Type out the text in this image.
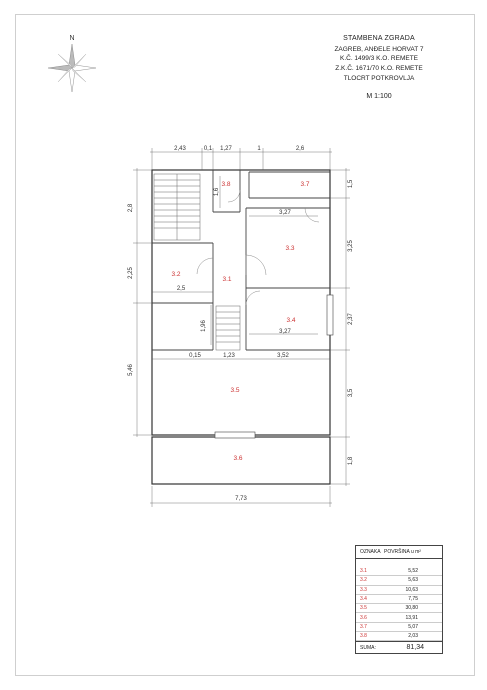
STAMBENA ZGRADA
ZAGREB, ANĐELE HORVAT 7
K.Č. 1499/3 K.O. REMETE
Z.K.Č. 1671/70 K.O. REMETE
TLOCRT POTKROVLJA
M 1:100
N
2,43	0,1 1,27	1	2,6
2,8
2,25
5,46
1,5
3,25
2,37
3,5
1,8
7,73
1,6
3,27
2,5
3,27
1,96
0,15	1,23	3,52
3.1
3.2
3.3
3.4
3.5
3.6
3.7
3.8
OZNAKA POVRŠINA u m²
3.1	5,52
3.2	5,63
3.3	10,63
3.4	7,75
3.5	30,80
3.6	13,91
3.7	5,07
3.8	2,03
SUMA:	81,34
